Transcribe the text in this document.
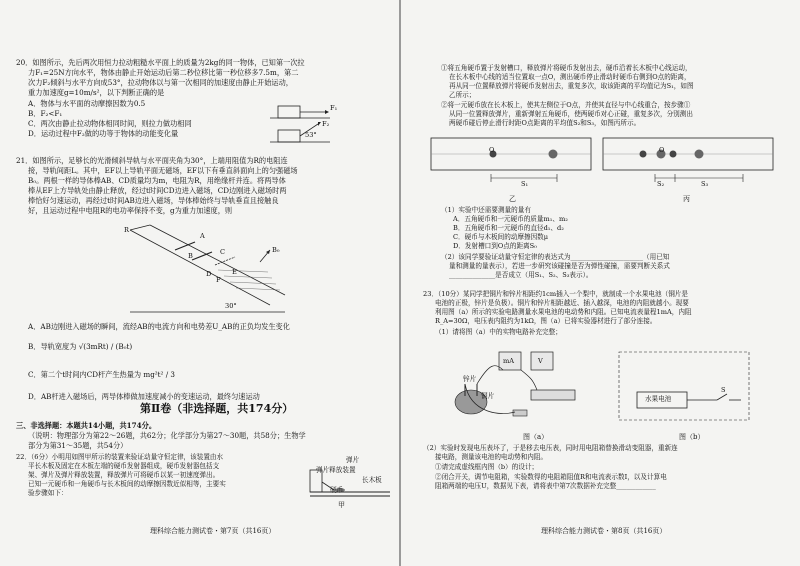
20．如图所示，先后两次用恒力拉动粗糙水平面上的质量为2kg的同一物体，已知第一次拉
力F₁=25N方向水平，物体由静止开始运动后第二秒位移比第一秒位移多7.5m，第二
次力F₂倾斜与水平方向成53°，拉动物体以与第一次相同的加速度由静止开始运动，
重力加速度g=10m/s²，以下判断正确的是
A．物体与水平面的动摩擦因数为0.5
B．F₂<F₁
C．两次由静止拉动物体相同时间，则拉力做功相同
D．运动过程中F₂做的功等于物体的动能变化量
F₁
F₂
53°
21．如图所示，足够长的光滑倾斜导轨与水平面夹角为30°，上端用阻值为R的电阻连
接，导轨间距L。其中，EF以上导轨平面无磁场，EF以下有垂直斜面向上的匀强磁场
B₀。两根一样的导体棒AB、CD质量均为m，电阻为R，用绝缘杆并连。将两导体
棒从EF上方导轨处由静止释放，经过t时间CD边进入磁场，CD边刚进入磁场时两
棒恰好匀速运动，再经过t时间AB边进入磁场，导体棒始终与导轨垂直且接触良
好，且运动过程中电阻R的电功率保持不变，g为重力加速度，则
A
B	C
D	E
F
B₀
R
30°
A．AB边刚进入磁场的瞬间，流经AB的电流方向和电势差U_AB的正负均发生变化
B．导轨宽度为 √(3mRt) / (B₀t)
C．第二个t时间内CD杆产生热量为 mg²t² / 3
D．AB杆进入磁场后，两导体棒做加速度减小的变速运动，最终匀速运动
第Ⅱ卷（非选择题，共174分）
三、非选择题：本题共14小题，共174分。
（说明：物理部分为第22～26题，共62分；化学部分为第27～30题，共58分；生物学
部分为第31～35题，共54分）
22．（6分）小明用如图甲所示的装置来验证动量守恒定律，该装置由水
平长木板及固定在木板左端的硬币发射器组成，硬币发射器包括支
架、弹片及弹片释放装置，释放弹片可将硬币以某一初速度弹出。
已知一元硬币和一角硬币与长木板间的动摩擦因数近似相等，主要实
验步骤如下：
弹片
弹片释放装置
长木板
硬币
甲
理科综合能力测试卷・第7页（共16页）
①将五角硬币置于发射槽口，释放弹片将硬币发射出去，硬币沿着长木板中心线运动，
在长木板中心线的适当位置取一点O，测出硬币停止滑动时硬币右侧到O点的距离，
再从同一位置释放弹片将硬币发射出去，重复多次，取该距离的平均值记为S₁，如图
乙所示；
②将一元硬币放在长木板上，使其左侧位于O点，并使其直径与中心线重合，按步骤①
从同一位置释放弹片，重新弹射五角硬币，使两硬币对心正碰，重复多次，分别测出
两硬币碰后停止滑行时距O点距离的平均值S₂和S₃，如图丙所示。
O
S₁
乙
O
S₂	S₃
丙
（1）实验中还需要测量的量有
A．五角硬币和一元硬币的质量m₁、m₂
B．五角硬币和一元硬币的直径d₁、d₂
C．硬币与木板间的动摩擦因数μ
D．发射槽口到O点的距离S₀
（2）该同学要验证动量守恒定律的表达式为______________________（用已知
量和测量的量表示），若进一步研究该碰撞是否为弹性碰撞，需要判断关系式
______________是否成立（用S₁、S₂、S₃表示）。
23．（10分）某同学把铜片和锌片相距约1cm插入一个梨中，就制成一个水果电池（铜片是
电池的正极，锌片是负极）。铜片和锌片相距越近、插入越深，电池的内阻就越小。现要
利用图（a）所示的实验电路测量水果电池的电动势和内阻。已知电流表量程1mA，内阻
R_A=30Ω，电压表内阻约为1kΩ，图（a）已将实验器材进行了部分连接。
（1）请将图（a）中的实物电路补充完整；
锌片
铜片
mA	V
图（a）
水果电池
S
图（b）
（2）实验时发现电压表坏了，于是移去电压表，同时用电阻箱替换滑动变阻器，重新连
接电路，测量该电池的电动势和内阻。
①请完成虚线框内图（b）的设计；
②闭合开关，调节电阻箱，实验数得的电阻箱阻值R和电流表示数I，以及计算电
阻箱两端的电压U，数据见下表，请将表中第7次数据补充完整____________
理科综合能力测试卷・第8页（共16页）
